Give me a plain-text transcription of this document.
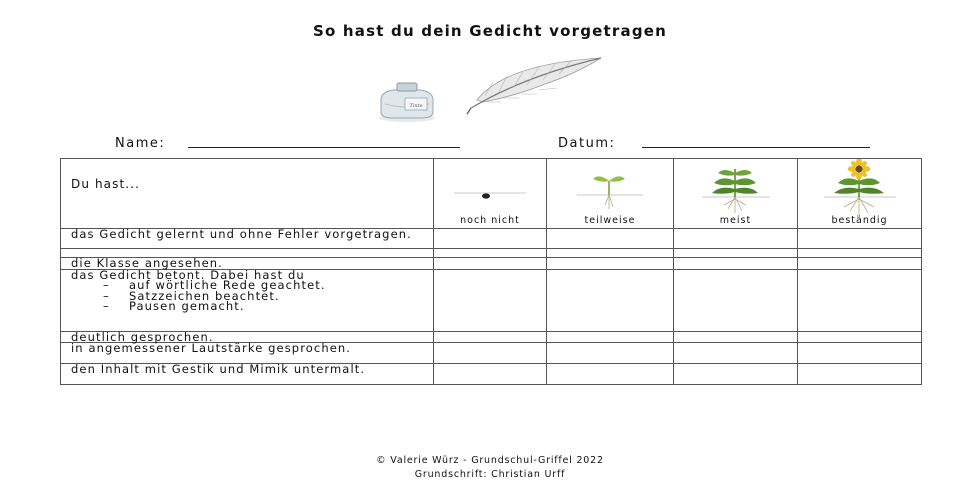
So hast du dein Gedicht vorgetragen
Tinte
Name:	Datum:
Du hast...	noch nicht	teilweise	meist	beständig

das Gedicht gelernt und ohne Fehler vorgetragen.				

die Klasse angesehen.				
das Gedicht betont. Dabei hast du
– auf wörtliche Rede geachtet.
– Satzzeichen beachtet.
– Pausen gemacht.				

deutlich gesprochen.				
in angemessener Lautstärke gesprochen.				
den Inhalt mit Gestik und Mimik untermalt.				
© Valerie Würz - Grundschul-Griffel 2022
Grundschrift: Christian Urff
